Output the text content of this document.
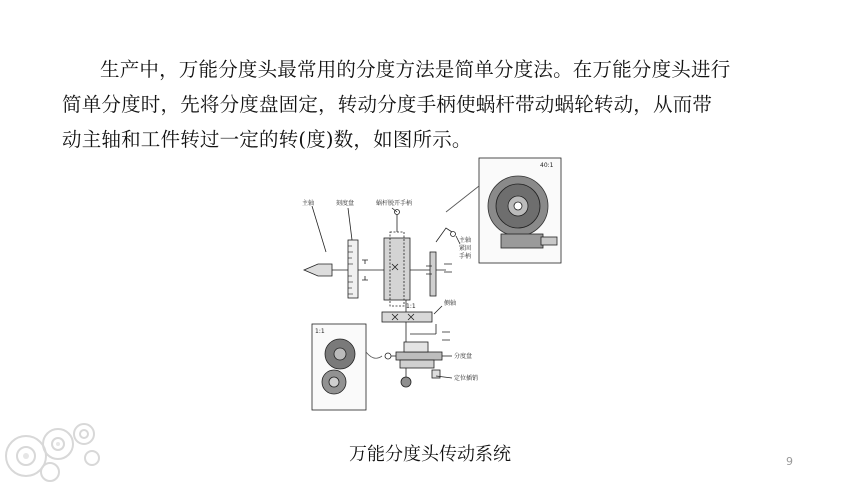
生产中，万能分度头最常用的分度方法是简单分度法。在万能分度头进行

简单分度时，先将分度盘固定，转动分度手柄使蜗杆带动蜗轮转动，从而带

动主轴和工件转过一定的转(度)数，如图所示。

主轴	刻度盘	蜗杆脱开手柄
主轴
紧固
手柄
40:1
1:1
1:1
侧轴
分度盘
定位插销
万能分度头传动系统	9
